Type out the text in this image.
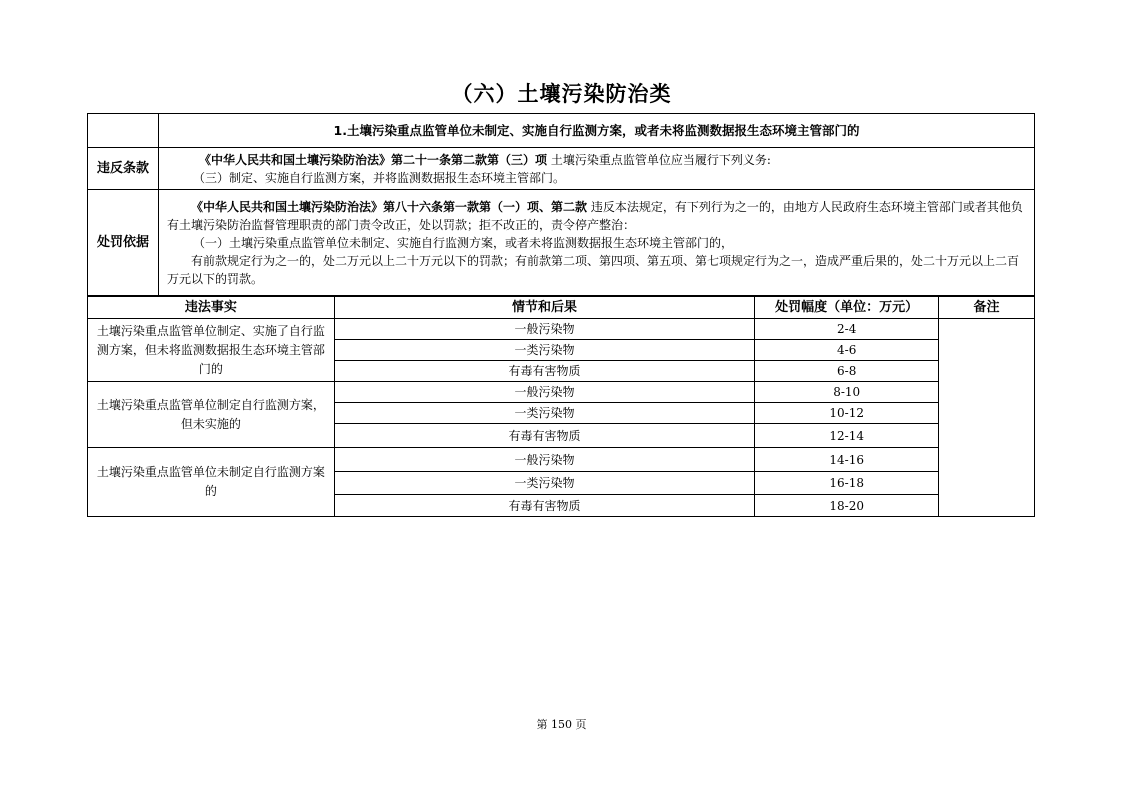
（六）土壤污染防治类
	1.土壤污染重点监管单位未制定、实施自行监测方案，或者未将监测数据报生态环境主管部门的
违反条款	《中华人民共和国土壤污染防治法》第二十一条第二款第（三）项 土壤污染重点监管单位应当履行下列义务:
（三）制定、实施自行监测方案，并将监测数据报生态环境主管部门。

处罚依据	《中华人民共和国土壤污染防治法》第八十六条第一款第（一）项、第二款 违反本法规定，有下列行为之一的，由地方人民政府生态环境主管部门或者其他负有土壤污染防治监督管理职责的部门责令改正，处以罚款；拒不改正的，责令停产整治：
（一）土壤污染重点监管单位未制定、实施自行监测方案，或者未将监测数据报生态环境主管部门的，
有前款规定行为之一的，处二万元以上二十万元以下的罚款；有前款第二项、第四项、第五项、第七项规定行为之一，造成严重后果的，处二十万元以上二百万元以下的罚款。
违法事实	情节和后果	处罚幅度（单位：万元）	备注
土壤污染重点监管单位制定、实施了自行监测方案，但未将监测数据报生态环境主管部门的	一般污染物	2-4	
	一类污染物	4-6	
	有毒有害物质	6-8	
土壤污染重点监管单位制定自行监测方案，但未实施的	一般污染物	8-10	
	一类污染物	10-12	
	有毒有害物质	12-14	
土壤污染重点监管单位未制定自行监测方案的	一般污染物	14-16	
	一类污染物	16-18	
	有毒有害物质	18-20	
第 150 页
